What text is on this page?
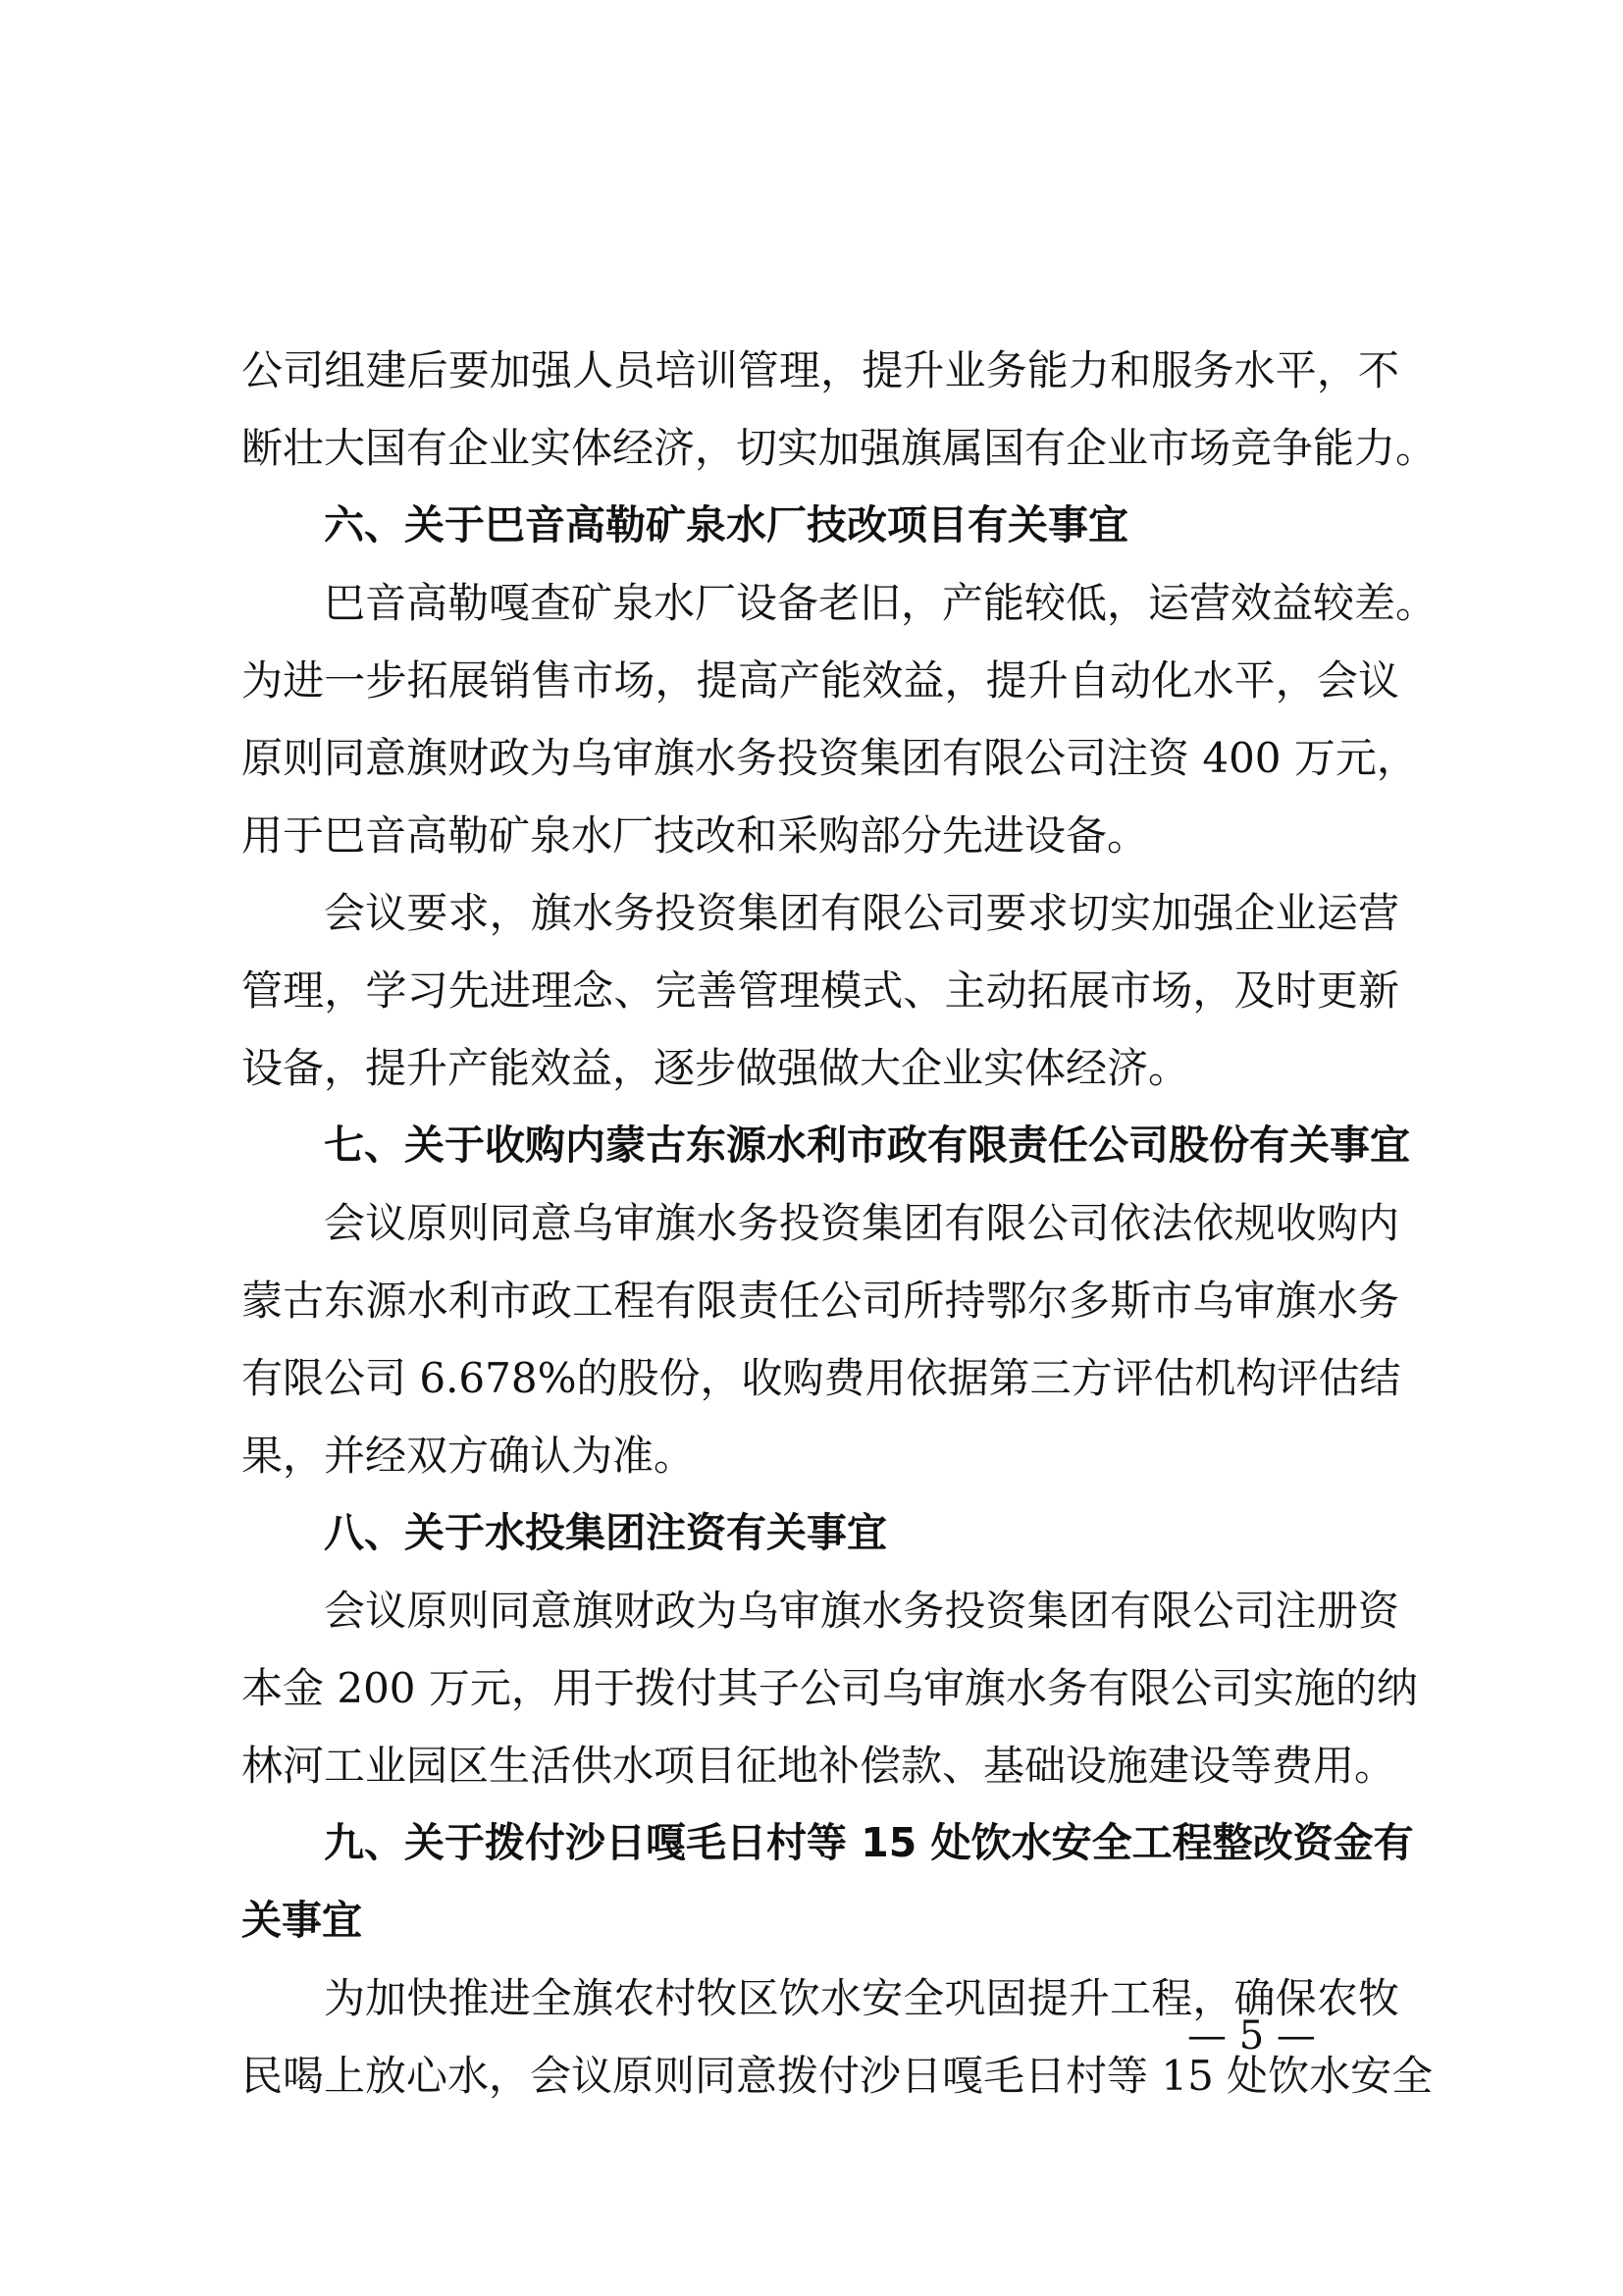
公司组建后要加强人员培训管理，提升业务能力和服务水平，不
断壮大国有企业实体经济，切实加强旗属国有企业市场竞争能力。
六、关于巴音高勒矿泉水厂技改项目有关事宜
巴音高勒嘎查矿泉水厂设备老旧，产能较低，运营效益较差。
为进一步拓展销售市场，提高产能效益，提升自动化水平，会议
原则同意旗财政为乌审旗水务投资集团有限公司注资 400 万元，
用于巴音高勒矿泉水厂技改和采购部分先进设备。
会议要求，旗水务投资集团有限公司要求切实加强企业运营
管理，学习先进理念、完善管理模式、主动拓展市场，及时更新
设备，提升产能效益，逐步做强做大企业实体经济。
七、关于收购内蒙古东源水利市政有限责任公司股份有关事宜
会议原则同意乌审旗水务投资集团有限公司依法依规收购内
蒙古东源水利市政工程有限责任公司所持鄂尔多斯市乌审旗水务
有限公司 6.678%的股份，收购费用依据第三方评估机构评估结
果，并经双方确认为准。
八、关于水投集团注资有关事宜
会议原则同意旗财政为乌审旗水务投资集团有限公司注册资
本金 200 万元，用于拨付其子公司乌审旗水务有限公司实施的纳
林河工业园区生活供水项目征地补偿款、基础设施建设等费用。
九、关于拨付沙日嘎毛日村等 15 处饮水安全工程整改资金有
关事宜
为加快推进全旗农村牧区饮水安全巩固提升工程，确保农牧
民喝上放心水，会议原则同意拨付沙日嘎毛日村等 15 处饮水安全
— 5 —
